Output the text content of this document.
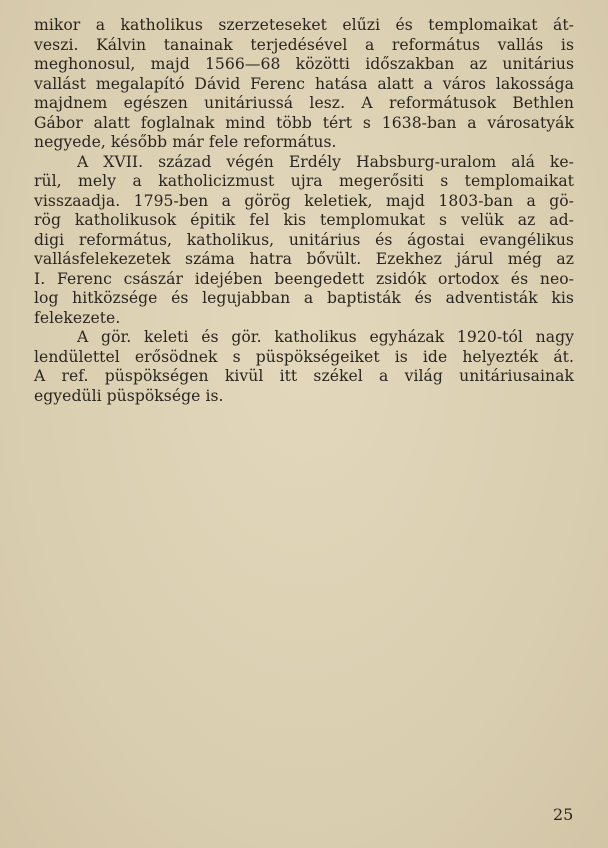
mikor a katholikus szerzeteseket elűzi és templomaikat át-
veszi. Kálvin tanainak terjedésével a református vallás is
meghonosul, majd 1566—68 közötti időszakban az unitárius
vallást megalapító Dávid Ferenc hatása alatt a város lakossága
majdnem egészen unitáriussá lesz. A reformátusok Bethlen
Gábor alatt foglalnak mind több tért s 1638-ban a városatyák
negyede, később már fele református.
A XVII. század végén Erdély Habsburg-uralom alá ke-
rül, mely a katholicizmust ujra megerősiti s templomaikat
visszaadja. 1795-ben a görög keletiek, majd 1803-ban a gö-
rög katholikusok épitik fel kis templomukat s velük az ad-
digi református, katholikus, unitárius és ágostai evangélikus
vallásfelekezetek száma hatra bővült. Ezekhez járul még az
I. Ferenc császár idejében beengedett zsidók ortodox és neo-
log hitközsége és legujabban a baptisták és adventisták kis
felekezete.
A gör. keleti és gör. katholikus egyházak 1920-tól nagy
lendülettel erősödnek s püspökségeiket is ide helyezték át.
A ref. püspökségen kivül itt székel a világ unitáriusainak
egyedüli püspöksége is.
25
